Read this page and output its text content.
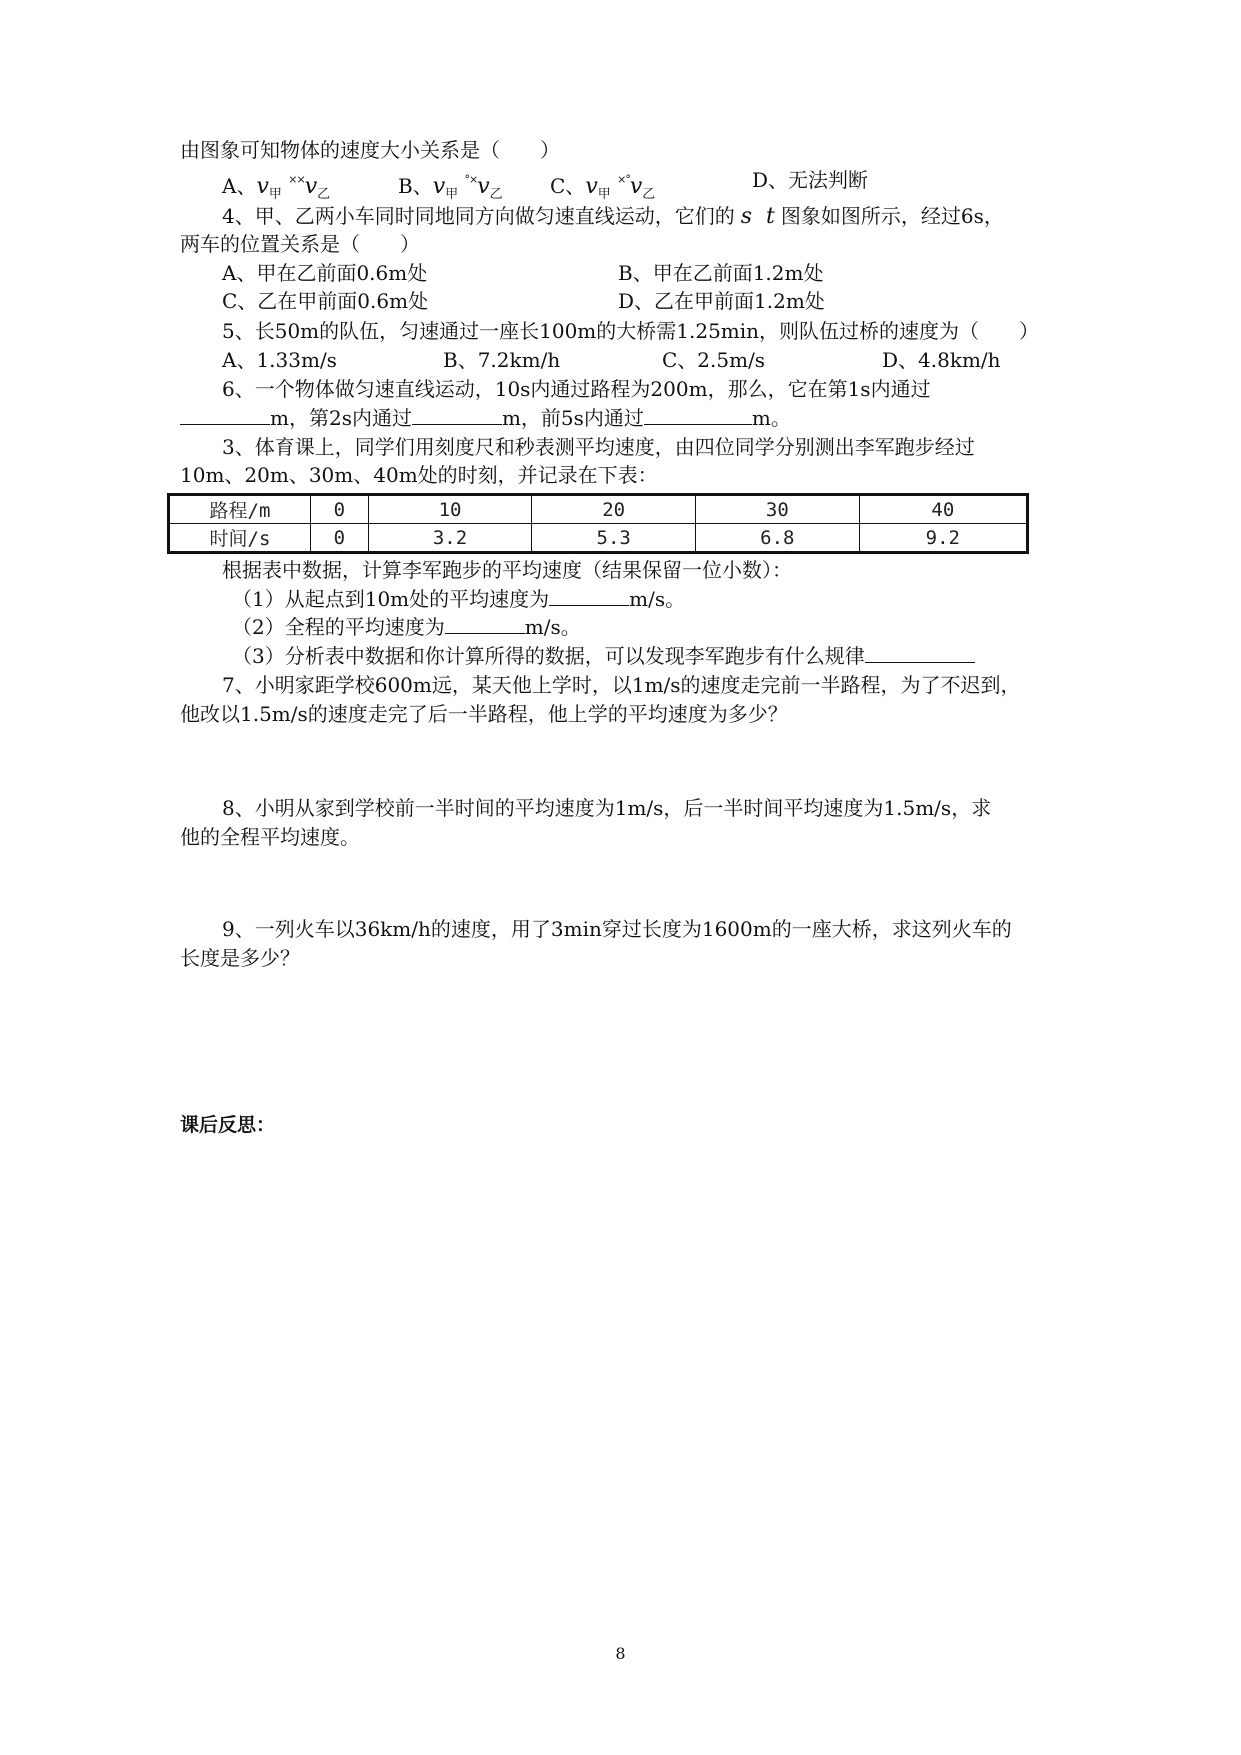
由图象可知物体的速度大小关系是（　　）
A、$v_甲$ $^{\times\times}v_乙$	B、$v_甲$ $^{^\circ\times}v_乙$ C、$v_甲$ $^{\times^\circ}v_乙$
D、无法判断
4、甲、乙两小车同时同地同方向做匀速直线运动，它们的 s t 图象如图所示，经过6s，
两车的位置关系是（　　）
A、甲在乙前面0.6m处	B、甲在乙前面1.2m处
C、乙在甲前面0.6m处	D、乙在甲前面1.2m处
5、长50m的队伍，匀速通过一座长100m的大桥需1.25min，则队伍过桥的速度为（　　）
A、1.33m/s	B、7.2km/h	C、2.5m/s	D、4.8km/h
6、一个物体做匀速直线运动，10s内通过路程为200m，那么，它在第1s内通过
m，第2s内通过	m，前5s内通过	m。
3、体育课上，同学们用刻度尺和秒表测平均速度，由四位同学分别测出李军跑步经过
10m、20m、30m、40m处的时刻，并记录在下表：
路程/m	0	10	20	30	40
时间/s	0	3.2	5.3	6.8	9.2
根据表中数据，计算李军跑步的平均速度（结果保留一位小数）：
（1）从起点到10m处的平均速度为	m/s。
（2）全程的平均速度为	m/s。
（3）分析表中数据和你计算所得的数据，可以发现李军跑步有什么规律
7、小明家距学校600m远，某天他上学时，以1m/s的速度走完前一半路程，为了不迟到，
他改以1.5m/s的速度走完了后一半路程，他上学的平均速度为多少？
8、小明从家到学校前一半时间的平均速度为1m/s，后一半时间平均速度为1.5m/s，求
他的全程平均速度。
9、一列火车以36km/h的速度，用了3min穿过长度为1600m的一座大桥，求这列火车的
长度是多少？
课后反思：
8
